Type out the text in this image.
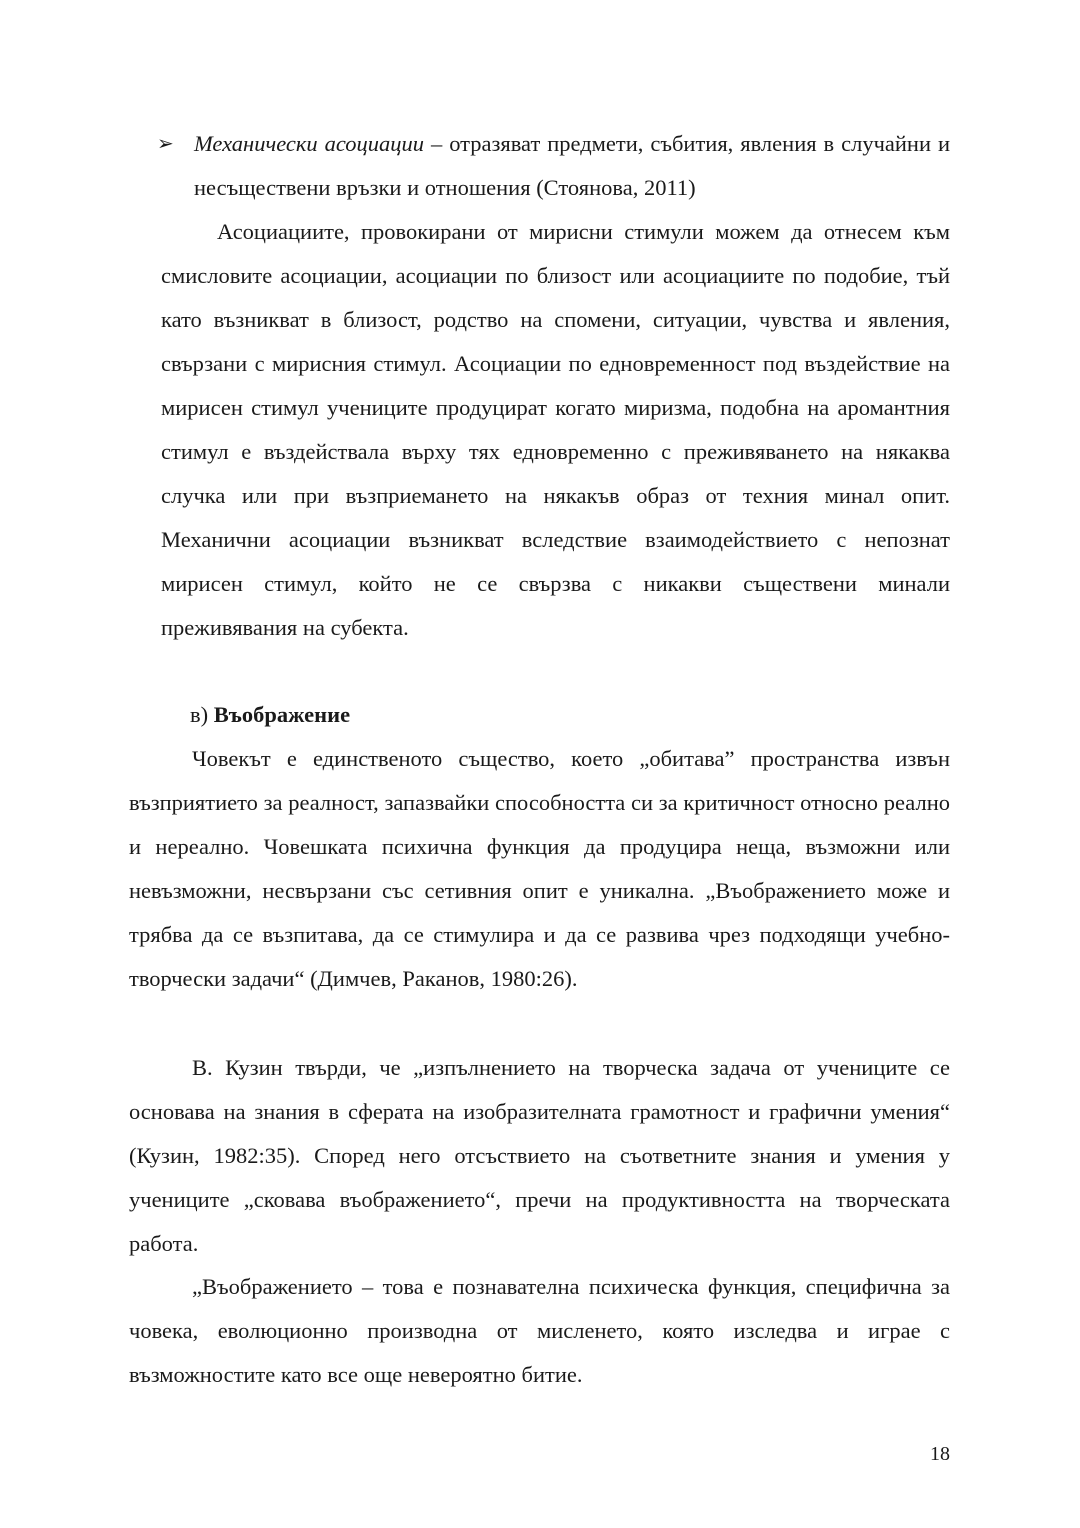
➢ Механически асоциации – отразяват предмети, събития, явления в случайни и несъществени връзки и отношения (Стоянова, 2011)

Асоциациите, провокирани от мирисни стимули можем да отнесем към смисловите асоциации, асоциации по близост или асоциациите по подобие, тъй като възникват в близост, родство на спомени, ситуации, чувства и явления, свързани с мирисния стимул. Асоциации по едновременност под въздействие на мирисен стимул учениците продуцират когато миризма, подобна на аромантния стимул е въздействала върху тях едновременно с преживяването на някаква случка или при възприемането на някакъв образ от техния минал опит. Механични асоциации възникват вследствие взаимодействието с непознат мирисен стимул, който не се свързва с никакви съществени минали преживявания на субекта.

в) Въображение

Човекът е единственото същество, което „обитава” пространства извън възприятието за реалност, запазвайки способността си за критичност относно реално и нереално. Човешката психична функция да продуцира неща, възможни или невъзможни, несвързани със сетивния опит е уникална. „Въображението може и трябва да се възпитава, да се стимулира и да се развива чрез подходящи учебно-творчески задачи“ (Димчев, Раканов, 1980:26).

В. Кузин твърди, че „изпълнението на творческа задача от учениците се основава на знания в сферата на изобразителната грамотност и графични умения“ (Кузин, 1982:35). Според него отсъствието на съответните знания и умения у учениците „сковава въображението“, пречи на продуктивността на творческата работа.

„Въображението – това е познавателна психическа функция, специфична за човека, еволюционно производна от мисленето, която изследва и играе с възможностите като все още невероятно битие.

18
